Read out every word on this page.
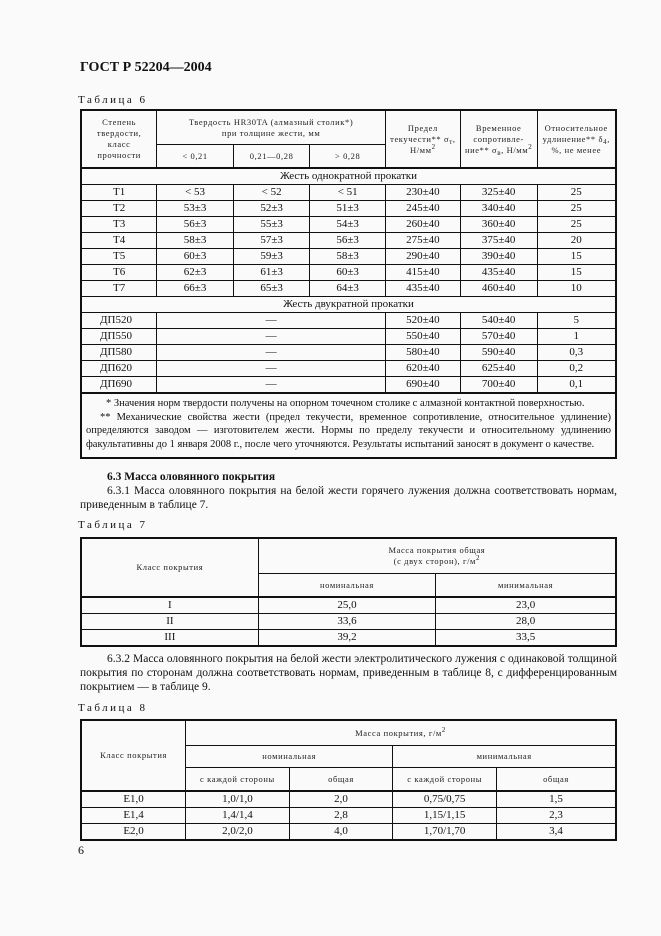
ГОСТ Р 52204—2004
Таблица 6
Степень твердости, класс прочности	Твердость HR30TA (алмазный столик*) при толщине жести, мм			Предел текучести** $\sigma_т$, $Н/мм^2$	Временное сопротивле-ние** $\sigma_в$, $Н/мм^2$	Относительное удлинение** $\delta_4$, %, не менее
	< 0,21	0,21—0,28	> 0,28			
Жесть однократной прокатки						
Т1	< 53	< 52	< 51	230±40	325±40	25
Т2	53±3	52±3	51±3	245±40	340±40	25
Т3	56±3	55±3	54±3	260±40	360±40	25
Т4	58±3	57±3	56±3	275±40	375±40	20
Т5	60±3	59±3	58±3	290±40	390±40	15
Т6	62±3	61±3	60±3	415±40	435±40	15
Т7	66±3	65±3	64±3	435±40	460±40	10
Жесть двукратной прокатки						
ДП520	—			520±40	540±40	5
ДП550	—			550±40	570±40	1
ДП580	—			580±40	590±40	0,3
ДП620	—			620±40	625±40	0,2
ДП690	—			690±40	700±40	0,1

* Значения норм твердости получены на опорном точечном столике с алмазной контактной поверхностью.

** Механические свойства жести (предел текучести, временное сопротивление, относительное удлинение) определяются заводом — изготовителем жести. Нормы по пределу текучести и относительному удлинению факультативны до 1 января 2008 г., после чего уточняются. Результаты испытаний заносят в документ о качестве.						

6.3 Масса оловянного покрытия

6.3.1 Масса оловянного покрытия на белой жести горячего лужения должна соответствовать нормам, приведенным в таблице 7.

Таблица 7
Класс покрытия	Масса покрытия общая
(с двух сторон), $г/м^2$
	номинальная	минимальная
I	25,0	23,0
II	33,6	28,0
III	39,2	33,5

6.3.2 Масса оловянного покрытия на белой жести электролитического лужения с одинаковой толщиной покрытия по сторонам должна соответствовать нормам, приведенным в таблице 8, с дифференцированным покрытием — в таблице 9.

Таблица 8
Класс покрытия	Масса покрытия, $г/м^2$
	номинальная		минимальная	
	с каждой стороны	общая	с каждой стороны	общая
Е1,0	1,0/1,0	2,0	0,75/0,75	1,5
Е1,4	1,4/1,4	2,8	1,15/1,15	2,3
Е2,0	2,0/2,0	4,0	1,70/1,70	3,4
6
